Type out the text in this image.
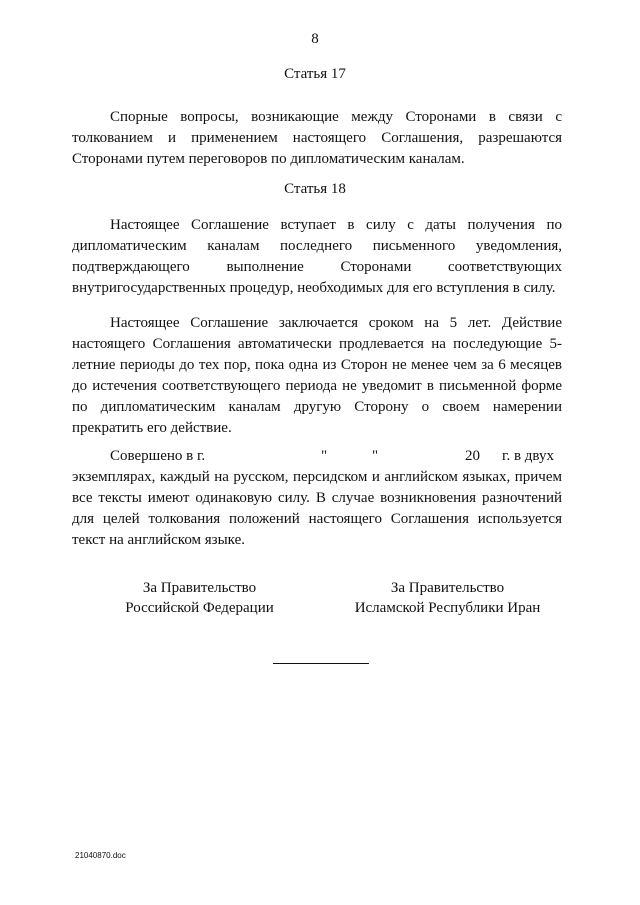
8
Статья 17
Спорные вопросы, возникающие между Сторонами в связи с толкованием и применением настоящего Соглашения, разрешаются Сторонами путем переговоров по дипломатическим каналам.
Статья 18
Настоящее Соглашение вступает в силу с даты получения по дипломатическим каналам последнего письменного уведомления, подтверждающего выполнение Сторонами соответствующих внутригосударственных процедур, необходимых для его вступления в силу.
Настоящее Соглашение заключается сроком на 5 лет. Действие настоящего Соглашения автоматически продлевается на последующие 5-летние периоды до тех пор, пока одна из Сторон не менее чем за 6 месяцев до истечения соответствующего периода не уведомит в письменной форме по дипломатическим каналам другую Сторону о своем намерении прекратить его действие.
Совершено в г.	"	"	20 г. в двух
экземплярах, каждый на русском, персидском и английском языках, причем все тексты имеют одинаковую силу. В случае возникновения разночтений для целей толкования положений настоящего Соглашения используется текст на английском языке.
За Правительство
Российской Федерации
За Правительство
Исламской Республики Иран
21040870.doc
